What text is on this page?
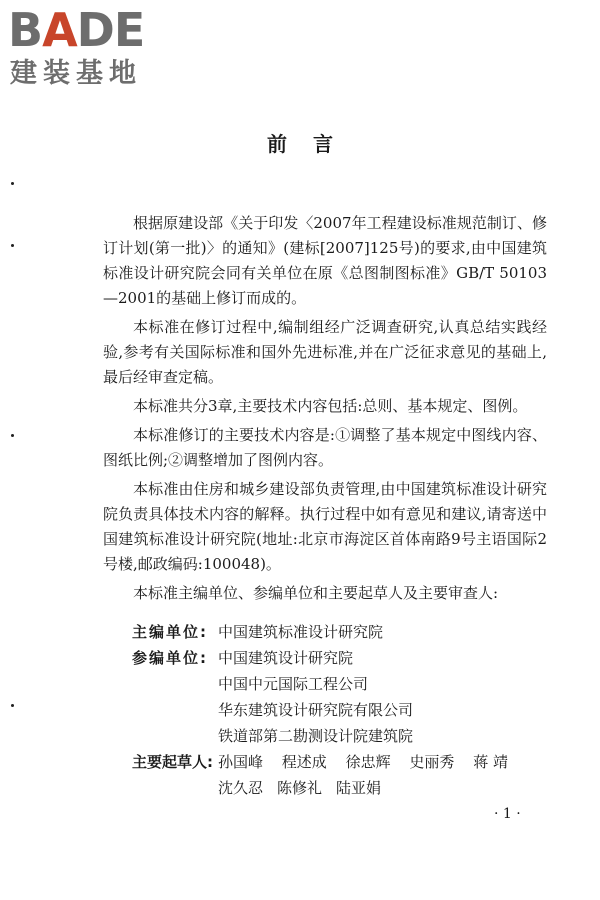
BADE
建装基地
前言

根据原建设部《关于印发〈2007年工程建设标准规范制订、修订计划(第一批)〉的通知》(建标[2007]125号)的要求,由中国建筑标准设计研究院会同有关单位在原《总图制图标准》GB/T 50103—2001的基础上修订而成的。

本标准在修订过程中,编制组经广泛调查研究,认真总结实践经验,参考有关国际标准和国外先进标准,并在广泛征求意见的基础上,最后经审查定稿。

本标准共分3章,主要技术内容包括:总则、基本规定、图例。

本标准修订的主要技术内容是:①调整了基本规定中图线内容、图纸比例;②调整增加了图例内容。

本标准由住房和城乡建设部负责管理,由中国建筑标准设计研究院负责具体技术内容的解释。执行过程中如有意见和建议,请寄送中国建筑标准设计研究院(地址:北京市海淀区首体南路9号主语国际2号楼,邮政编码:100048)。

本标准主编单位、参编单位和主要起草人及主要审查人:

主编单位: 中国建筑标准设计研究院
参编单位: 中国建筑设计研究院
中国中元国际工程公司
华东建筑设计研究院有限公司
铁道部第二勘测设计院建筑院
主要起草人: 孙国峰 程述成 徐忠辉 史丽秀 蒋 靖
沈久忍 陈修礼 陆亚娟
· 1 ·
